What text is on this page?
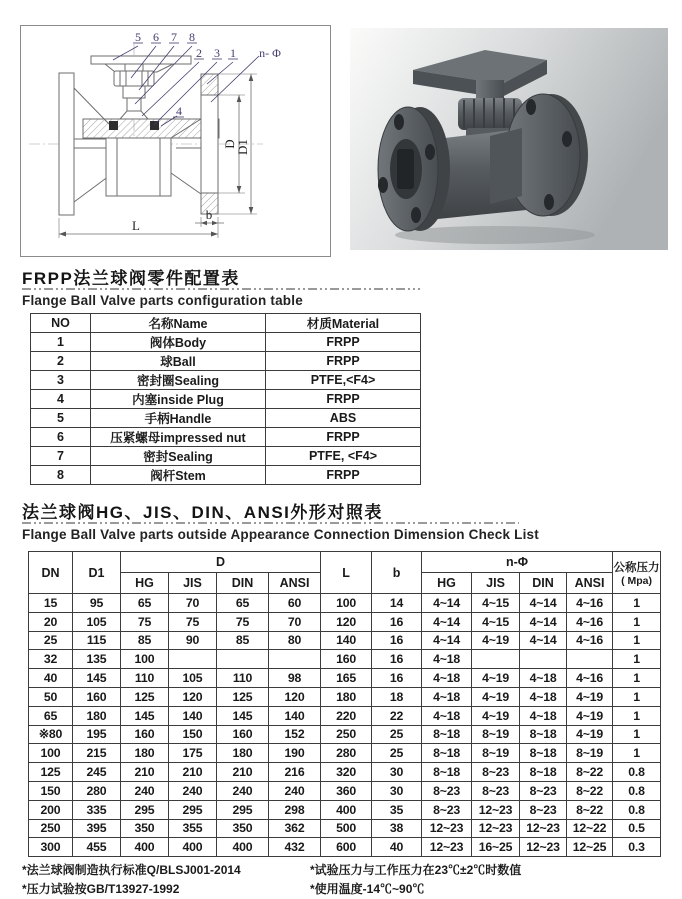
5 6 7 8
2 3 1 n- Φ
4
L
b
D
D1
FRPP法兰球阀零件配置表
Flange Ball Valve parts configuration table
NO	名称Name	材质Material
1	阀体Body	FRPP
2	球Ball	FRPP
3	密封圈Sealing	PTFE,<F4>
4	内塞inside Plug	FRPP
5	手柄Handle	ABS
6	压紧螺母impressed nut	FRPP
7	密封Sealing	PTFE, <F4>
8	阀杆Stem	FRPP
法兰球阀HG、JIS、DIN、ANSI外形对照表
Flange Ball Valve parts outside Appearance Connection Dimension Check List
DN	D1	D				L	b	n-Φ				公称压力
( Mpa)

		HG	JIS	DIN	ANSI			HG	JIS	DIN	ANSI	
15	95	65	70	65	60	100	14	4~14	4~15	4~14	4~16	1
20	105	75	75	75	70	120	16	4~14	4~15	4~14	4~16	1
25	115	85	90	85	80	140	16	4~14	4~19	4~14	4~16	1
32	135	100				160	16	4~18				1
40	145	110	105	110	98	165	16	4~18	4~19	4~18	4~16	1
50	160	125	120	125	120	180	18	4~18	4~19	4~18	4~19	1
65	180	145	140	145	140	220	22	4~18	4~19	4~18	4~19	1
※80	195	160	150	160	152	250	25	8~18	8~19	8~18	4~19	1
100	215	180	175	180	190	280	25	8~18	8~19	8~18	8~19	1
125	245	210	210	210	216	320	30	8~18	8~23	8~18	8~22	0.8
150	280	240	240	240	240	360	30	8~23	8~23	8~23	8~22	0.8
200	335	295	295	295	298	400	35	8~23	12~23	8~23	8~22	0.8
250	395	350	355	350	362	500	38	12~23	12~23	12~23	12~22	0.5
300	455	400	400	400	432	600	40	12~23	16~25	12~23	12~25	0.3
*法兰球阀制造执行标准Q/BLSJ001-2014
*压力试验按GB/T13927-1992
*试验压力与工作压力在23℃±2℃时数值
*使用温度-14℃~90℃
